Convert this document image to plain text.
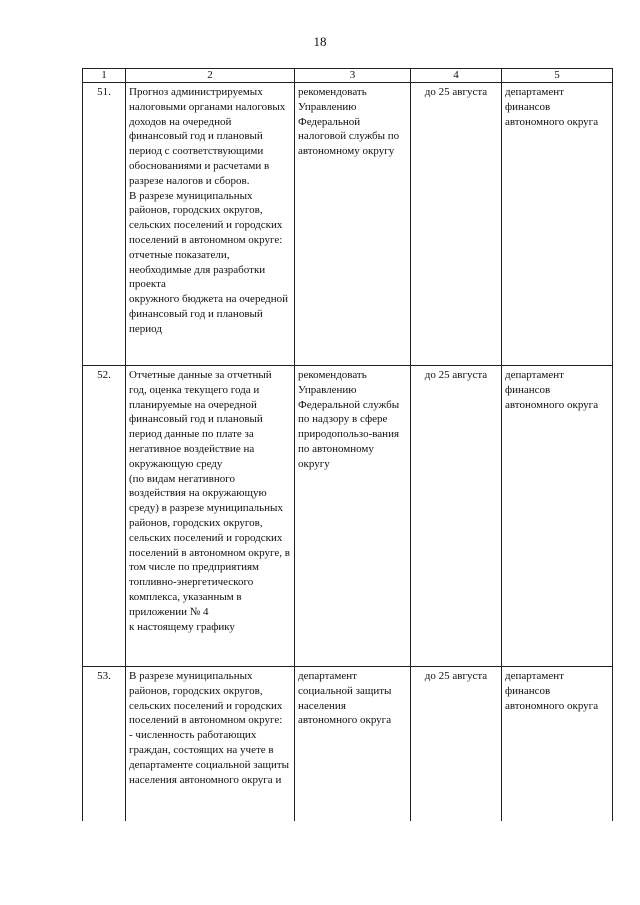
18
1	2	3	4	5
51.	Прогноз администрируемых налоговыми органами налоговых доходов на очередной финансовый год и плановый период с соответствующими обоснованиями и расчетами в разрезе налогов и сборов.
В разрезе муниципальных районов, городских округов, сельских поселений и городских поселений в автономном округе:
отчетные показатели, необходимые для разработки проекта
окружного бюджета на очередной финансовый год и плановый период	рекомендовать Управлению Федеральной налоговой службы по автономному округу	до 25 августа	департамент финансов автономного округа
52.	Отчетные данные за отчетный год, оценка текущего года и планируемые на очередной финансовый год и плановый период данные по плате за негативное воздействие на окружающую среду
(по видам негативного воздействия на окружающую среду) в разрезе муниципальных районов, городских округов, сельских поселений и городских поселений в автономном округе, в том числе по предприятиям топливно-энергетического комплекса, указанным в приложении № 4
к настоящему графику	рекомендовать Управлению Федеральной службы по надзору в сфере природопользо-вания по автономному округу	до 25 августа	департамент финансов автономного округа
53.	В разрезе муниципальных районов, городских округов, сельских поселений и городских поселений в автономном округе:
- численность работающих граждан, состоящих на учете в департаменте социальной защиты населения автономного округа и	департамент социальной защиты населения автономного округа	до 25 августа	департамент финансов автономного округа
